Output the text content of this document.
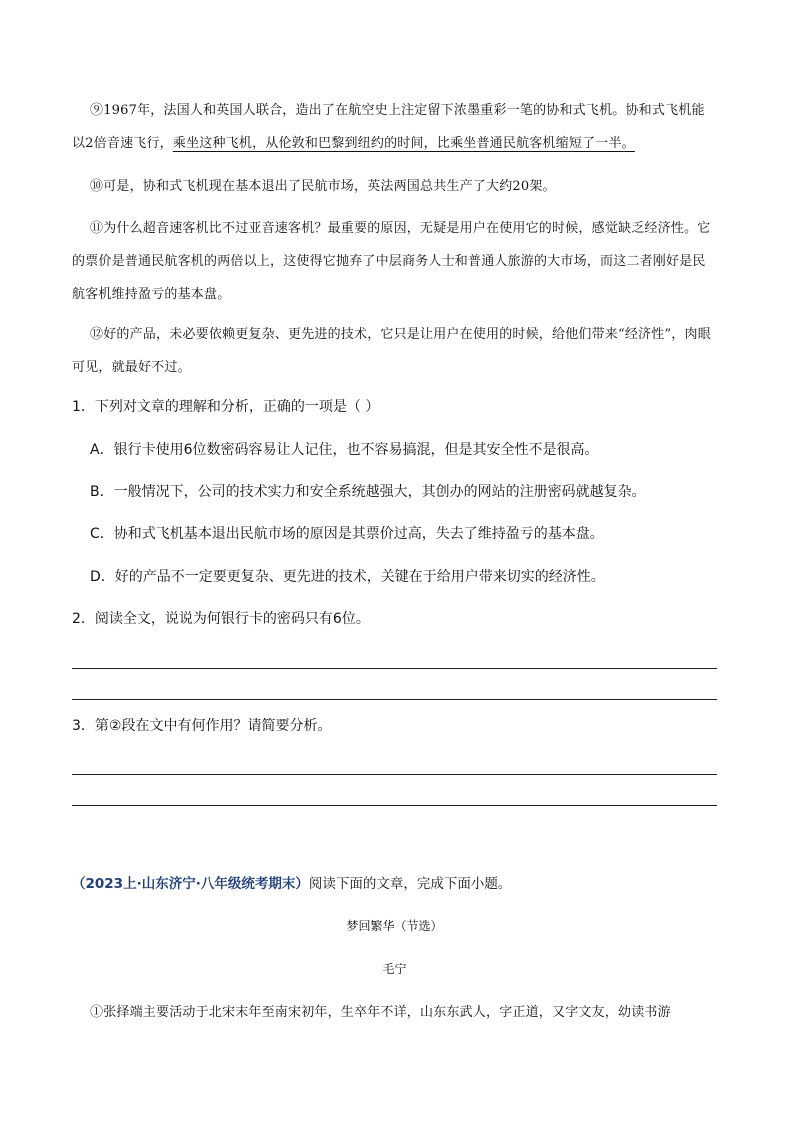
⑨1967年，法国人和英国人联合，造出了在航空史上注定留下浓墨重彩一笔的协和式飞机。协和式飞机能以2倍音速飞行，乘坐这种飞机，从伦敦和巴黎到纽约的时间，比乘坐普通民航客机缩短了一半。

⑩可是，协和式飞机现在基本退出了民航市场，英法两国总共生产了大约20架。

⑪为什么超音速客机比不过亚音速客机？最重要的原因，无疑是用户在使用它的时候，感觉缺乏经济性。它的票价是普通民航客机的两倍以上，这使得它抛弃了中层商务人士和普通人旅游的大市场，而这二者刚好是民航客机维持盈亏的基本盘。

⑫好的产品，未必要依赖更复杂、更先进的技术，它只是让用户在使用的时候，给他们带来“经济性”，肉眼可见，就最好不过。

1．下列对文章的理解和分析，正确的一项是（ ）

A．银行卡使用6位数密码容易让人记住，也不容易搞混，但是其安全性不是很高。

B．一般情况下，公司的技术实力和安全系统越强大，其创办的网站的注册密码就越复杂。

C．协和式飞机基本退出民航市场的原因是其票价过高，失去了维持盈亏的基本盘。

D．好的产品不一定要更复杂、更先进的技术，关键在于给用户带来切实的经济性。

2．阅读全文，说说为何银行卡的密码只有6位。

3．第②段在文中有何作用？请简要分析。

（2023上·山东济宁·八年级统考期末）阅读下面的文章，完成下面小题。
梦回繁华（节选）
毛宁

①张择端主要活动于北宋末年至南宋初年，生卒年不详，山东东武人，字正道，又字文友，幼读书游
